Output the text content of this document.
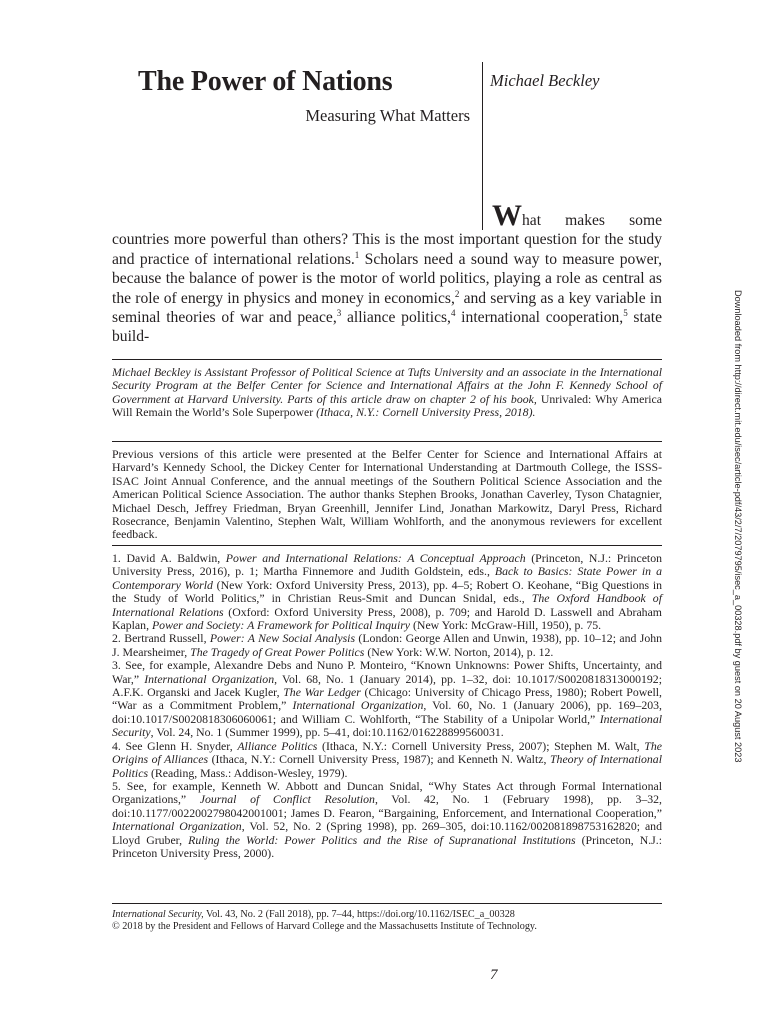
The Power of Nations
Measuring What Matters
Michael Beckley
What makes some
countries more powerful than others? This is the most important question for the study and practice of international relations.$^1$ Scholars need a sound way to measure power, because the balance of power is the motor of world politics, playing a role as central as the role of energy in physics and money in economics,$^2$ and serving as a key variable in seminal theories of war and peace,$^3$ alliance politics,$^4$ international cooperation,$^5$ state build-
Michael Beckley is Assistant Professor of Political Science at Tufts University and an associate in the International Security Program at the Belfer Center for Science and International Affairs at the John F. Kennedy School of Government at Harvard University. Parts of this article draw on chapter 2 of his book, Unrivaled: Why America Will Remain the World’s Sole Superpower (Ithaca, N.Y.: Cornell University Press, 2018).
Previous versions of this article were presented at the Belfer Center for Science and International Affairs at Harvard’s Kennedy School, the Dickey Center for International Understanding at Dartmouth College, the ISSS-ISAC Joint Annual Conference, and the annual meetings of the Southern Political Science Association and the American Political Science Association. The author thanks Stephen Brooks, Jonathan Caverley, Tyson Chatagnier, Michael Desch, Jeffrey Friedman, Bryan Greenhill, Jennifer Lind, Jonathan Markowitz, Daryl Press, Richard Rosecrance, Benjamin Valentino, Stephen Walt, William Wohlforth, and the anonymous reviewers for excellent feedback.

1. David A. Baldwin, Power and International Relations: A Conceptual Approach (Princeton, N.J.: Princeton University Press, 2016), p. 1; Martha Finnemore and Judith Goldstein, eds., Back to Basics: State Power in a Contemporary World (New York: Oxford University Press, 2013), pp. 4–5; Robert O. Keohane, “Big Questions in the Study of World Politics,” in Christian Reus-Smit and Duncan Snidal, eds., The Oxford Handbook of International Relations (Oxford: Oxford University Press, 2008), p. 709; and Harold D. Lasswell and Abraham Kaplan, Power and Society: A Framework for Political Inquiry (New York: McGraw-Hill, 1950), p. 75.

2. Bertrand Russell, Power: A New Social Analysis (London: George Allen and Unwin, 1938), pp. 10–12; and John J. Mearsheimer, The Tragedy of Great Power Politics (New York: W.W. Norton, 2014), p. 12.

3. See, for example, Alexandre Debs and Nuno P. Monteiro, “Known Unknowns: Power Shifts, Uncertainty, and War,” International Organization, Vol. 68, No. 1 (January 2014), pp. 1–32, doi: 10.1017/S0020818313000192; A.F.K. Organski and Jacek Kugler, The War Ledger (Chicago: University of Chicago Press, 1980); Robert Powell, “War as a Commitment Problem,” International Organization, Vol. 60, No. 1 (January 2006), pp. 169–203, doi:10.1017/S0020818306060061; and William C. Wohlforth, “The Stability of a Unipolar World,” International Security, Vol. 24, No. 1 (Summer 1999), pp. 5–41, doi:10.1162/016228899560031.

4. See Glenn H. Snyder, Alliance Politics (Ithaca, N.Y.: Cornell University Press, 2007); Stephen M. Walt, The Origins of Alliances (Ithaca, N.Y.: Cornell University Press, 1987); and Kenneth N. Waltz, Theory of International Politics (Reading, Mass.: Addison-Wesley, 1979).

5. See, for example, Kenneth W. Abbott and Duncan Snidal, “Why States Act through Formal International Organizations,” Journal of Conflict Resolution, Vol. 42, No. 1 (February 1998), pp. 3–32, doi:10.1177/0022002798042001001; James D. Fearon, “Bargaining, Enforcement, and International Cooperation,” International Organization, Vol. 52, No. 2 (Spring 1998), pp. 269–305, doi:10.1162/002081898753162820; and Lloyd Gruber, Ruling the World: Power Politics and the Rise of Supranational Institutions (Princeton, N.J.: Princeton University Press, 2000).

International Security, Vol. 43, No. 2 (Fall 2018), pp. 7–44, https://doi.org/10.1162/ISEC_a_00328
© 2018 by the President and Fellows of Harvard College and the Massachusetts Institute of Technology.
7
Downloaded from http://direct.mit.edu/isec/article-pdf/43/2/7/2079795/isec_a_00328.pdf by guest on 20 August 2023
